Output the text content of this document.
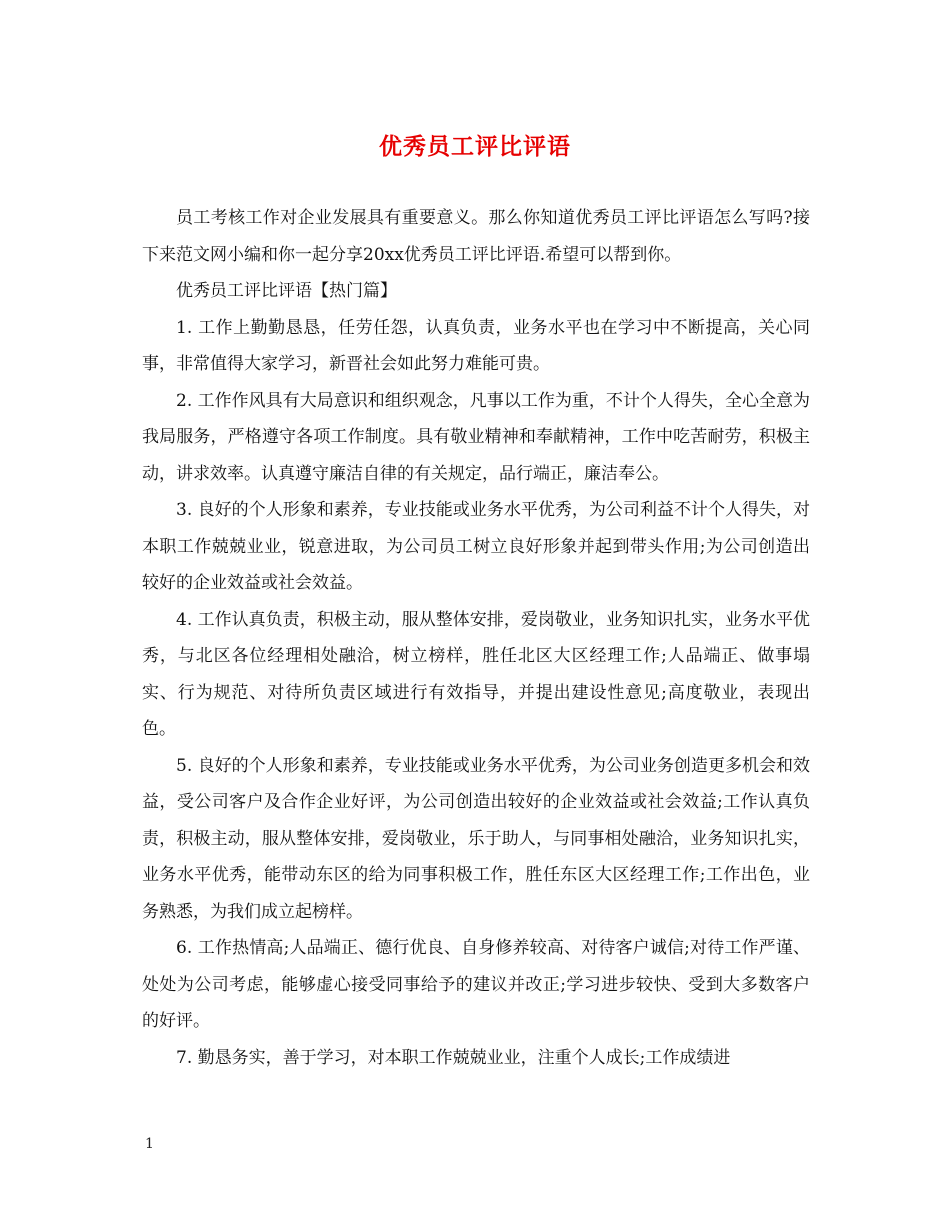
优秀员工评比评语

员工考核工作对企业发展具有重要意义。那么你知道优秀员工评比评语怎么写吗?接下来范文网小编和你一起分享20xx优秀员工评比评语.希望可以帮到你。

优秀员工评比评语【热门篇】

1. 工作上勤勤恳恳，任劳任怨，认真负责，业务水平也在学习中不断提高，关心同事，非常值得大家学习，新晋社会如此努力难能可贵。

2. 工作作风具有大局意识和组织观念，凡事以工作为重，不计个人得失，全心全意为我局服务，严格遵守各项工作制度。具有敬业精神和奉献精神，工作中吃苦耐劳，积极主动，讲求效率。认真遵守廉洁自律的有关规定，品行端正，廉洁奉公。

3. 良好的个人形象和素养，专业技能或业务水平优秀，为公司利益不计个人得失，对本职工作兢兢业业，锐意进取，为公司员工树立良好形象并起到带头作用;为公司创造出较好的企业效益或社会效益。

4. 工作认真负责，积极主动，服从整体安排，爱岗敬业，业务知识扎实，业务水平优秀，与北区各位经理相处融洽，树立榜样，胜任北区大区经理工作;人品端正、做事塌实、行为规范、对待所负责区域进行有效指导，并提出建设性意见;高度敬业，表现出色。

5. 良好的个人形象和素养，专业技能或业务水平优秀，为公司业务创造更多机会和效益，受公司客户及合作企业好评，为公司创造出较好的企业效益或社会效益;工作认真负责，积极主动，服从整体安排，爱岗敬业，乐于助人，与同事相处融洽，业务知识扎实，业务水平优秀，能带动东区的给为同事积极工作，胜任东区大区经理工作;工作出色，业务熟悉，为我们成立起榜样。

6. 工作热情高;人品端正、德行优良、自身修养较高、对待客户诚信;对待工作严谨、处处为公司考虑，能够虚心接受同事给予的建议并改正;学习进步较快、受到大多数客户的好评。

7. 勤恳务实，善于学习，对本职工作兢兢业业，注重个人成长;工作成绩进

1
